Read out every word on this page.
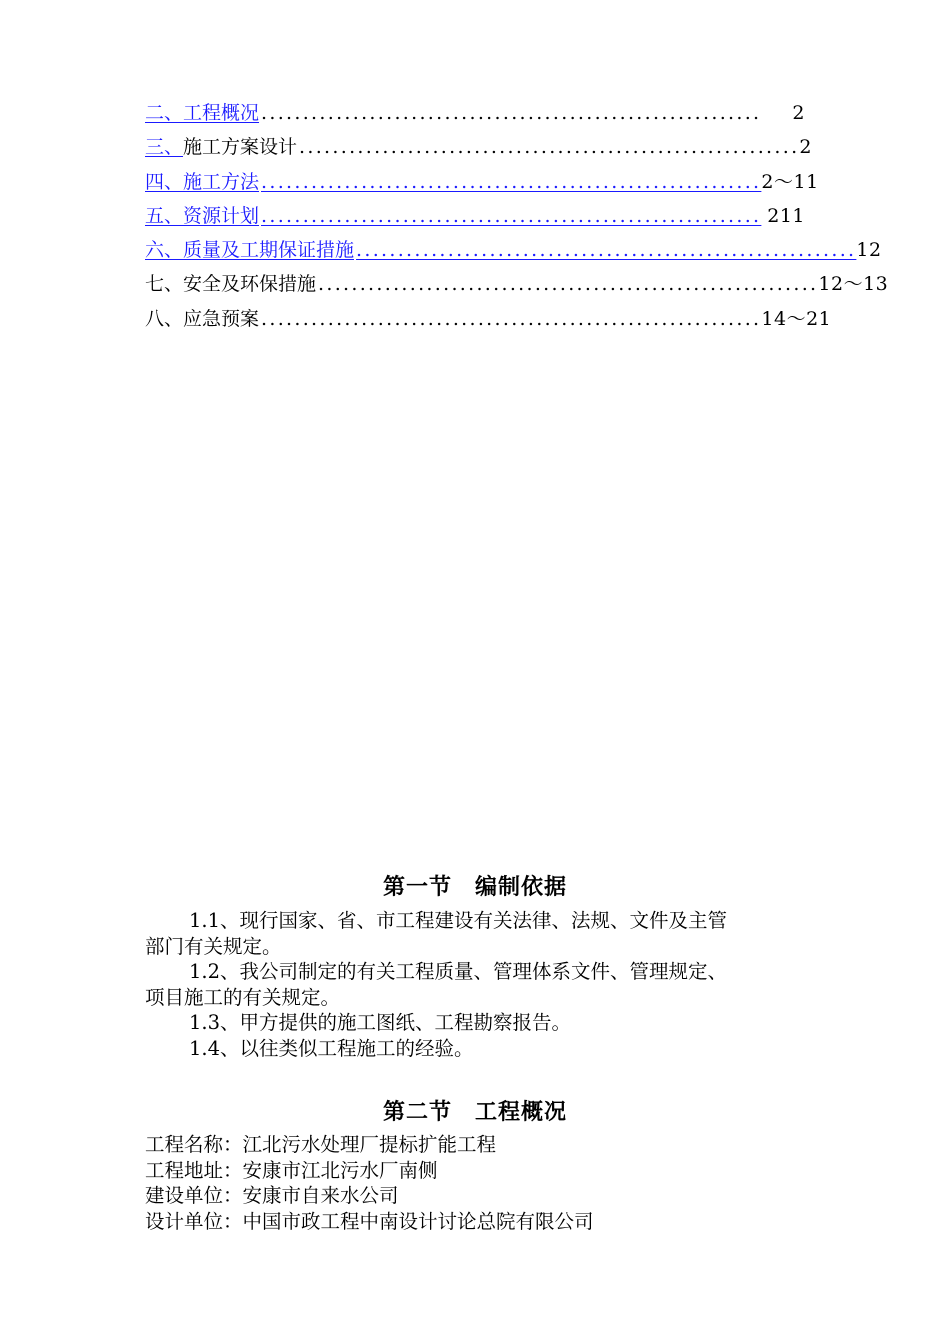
二、工程概况 ............................................................	2
三、 施工方案设计 ............................................................ 2
四、施工方法 ............................................................ 2～11
五、资源计划 ............................................................ 211
六、质量及工期保证措施 ............................................................ 12
七、安全及环保措施 ............................................................ 12～13
八、应急预案 ............................................................ 14～21
第一节　编制依据
1.1、现行国家、省、市工程建设有关法律、法规、文件及主管
部门有关规定。
1.2、我公司制定的有关工程质量、管理体系文件、管理规定、
项目施工的有关规定。
1.3、甲方提供的施工图纸、工程勘察报告。
1.4、以往类似工程施工的经验。
第二节　工程概况
工程名称：江北污水处理厂提标扩能工程
工程地址：安康市江北污水厂南侧
建设单位：安康市自来水公司
设计单位：中国市政工程中南设计讨论总院有限公司
